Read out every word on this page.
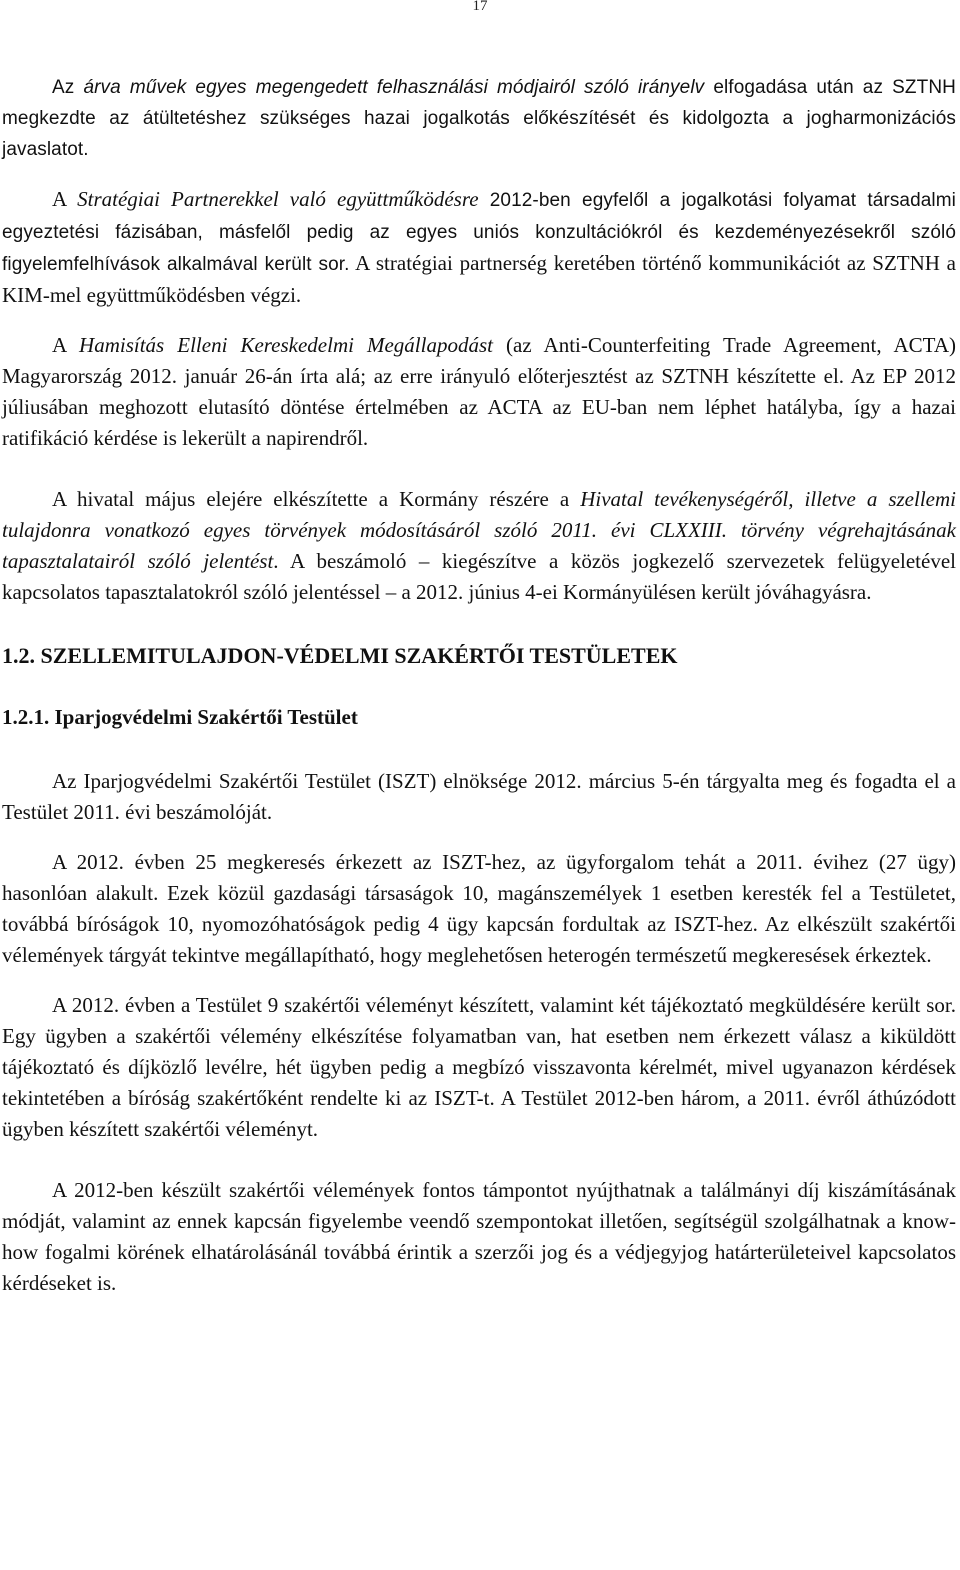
17

Az árva művek egyes megengedett felhasználási módjairól szóló irányelv elfogadása után az SZTNH megkezdte az átültetéshez szükséges hazai jogalkotás előkészítését és kidolgozta a jogharmonizációs javaslatot.

A Stratégiai Partnerekkel való együttműködésre 2012-ben egyfelől a jogalkotási folyamat társadalmi egyeztetési fázisában, másfelől pedig az egyes uniós konzultációkról és kezdeményezésekről szóló figyelemfelhívások alkalmával került sor. A stratégiai partnerség keretében történő kommunikációt az SZTNH a KIM-mel együttműködésben végzi.

A Hamisítás Elleni Kereskedelmi Megállapodást (az Anti-Counterfeiting Trade Agreement, ACTA) Magyarország 2012. január 26-án írta alá; az erre irányuló előterjesztést az SZTNH készítette el. Az EP 2012 júliusában meghozott elutasító döntése értelmében az ACTA az EU-ban nem léphet hatályba, így a hazai ratifikáció kérdése is lekerült a napirendről.

A hivatal május elejére elkészítette a Kormány részére a Hivatal tevékenységéről, illetve a szellemi tulajdonra vonatkozó egyes törvények módosításáról szóló 2011. évi CLXXIII. törvény végrehajtásának tapasztalatairól szóló jelentést. A beszámoló – kiegészítve a közös jogkezelő szervezetek felügyeletével kapcsolatos tapasztalatokról szóló jelentéssel – a 2012. június 4-ei Kormányülésen került jóváhagyásra.

1.2. SZELLEMITULAJDON-VÉDELMI SZAKÉRTŐI TESTÜLETEK
1.2.1. Iparjogvédelmi Szakértői Testület

Az Iparjogvédelmi Szakértői Testület (ISZT) elnöksége 2012. március 5-én tárgyalta meg és fogadta el a Testület 2011. évi beszámolóját.

A 2012. évben 25 megkeresés érkezett az ISZT-hez, az ügyforgalom tehát a 2011. évihez (27 ügy) hasonlóan alakult. Ezek közül gazdasági társaságok 10, magánszemélyek 1 esetben keresték fel a Testületet, továbbá bíróságok 10, nyomozóhatóságok pedig 4 ügy kapcsán fordultak az ISZT-hez. Az elkészült szakértői vélemények tárgyát tekintve megállapítható, hogy meglehetősen heterogén természetű megkeresések érkeztek.

A 2012. évben a Testület 9 szakértői véleményt készített, valamint két tájékoztató megküldésére került sor. Egy ügyben a szakértői vélemény elkészítése folyamatban van, hat esetben nem érkezett válasz a kiküldött tájékoztató és díjközlő levélre, hét ügyben pedig a megbízó visszavonta kérelmét, mivel ugyanazon kérdések tekintetében a bíróság szakértőként rendelte ki az ISZT-t. A Testület 2012-ben három, a 2011. évről áthúzódott ügyben készített szakértői véleményt.

A 2012-ben készült szakértői vélemények fontos támpontot nyújthatnak a találmányi díj kiszámításának módját, valamint az ennek kapcsán figyelembe veendő szempontokat illetően, segítségül szolgálhatnak a know-how fogalmi körének elhatárolásánál továbbá érintik a szerzői jog és a védjegyjog határterületeivel kapcsolatos kérdéseket is.
